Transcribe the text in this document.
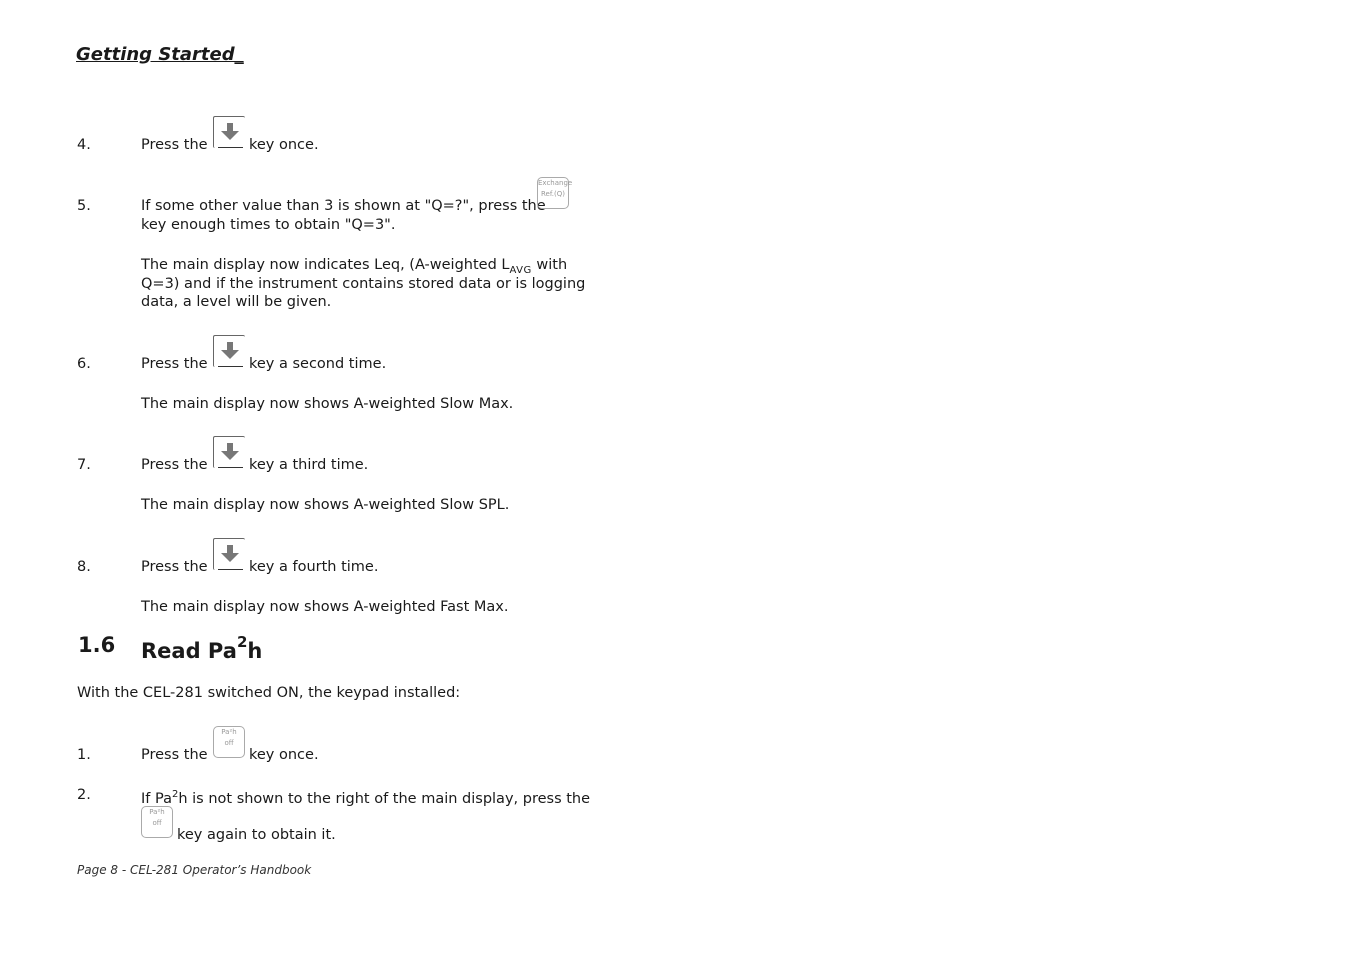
Getting Started_
4.	Press the	key once.
5.	If some other value than 3 is shown at "Q=?", press the
Exchange
Ref.(Q)
key enough times to obtain "Q=3".
The main display now indicates Leq, (A-weighted $L_{AVG}$ with
Q=3) and if the instrument contains stored data or is logging
data, a level will be given.
6.	Press the	key a second time.
The main display now shows A-weighted Slow Max.
7.	Press the	key a third time.
The main display now shows A-weighted Slow SPL.
8.	Press the	key a fourth time.
The main display now shows A-weighted Fast Max.
1.6 Read Pa$^2$h
With the CEL-281 switched ON, the keypad installed:
1.	Press the
Pa²h
off
key once.
2.	If Pa$^2$h is not shown to the right of the main display, press the
Pa²h
off
key again to obtain it.
Page 8 - CEL-281 Operator’s Handbook
